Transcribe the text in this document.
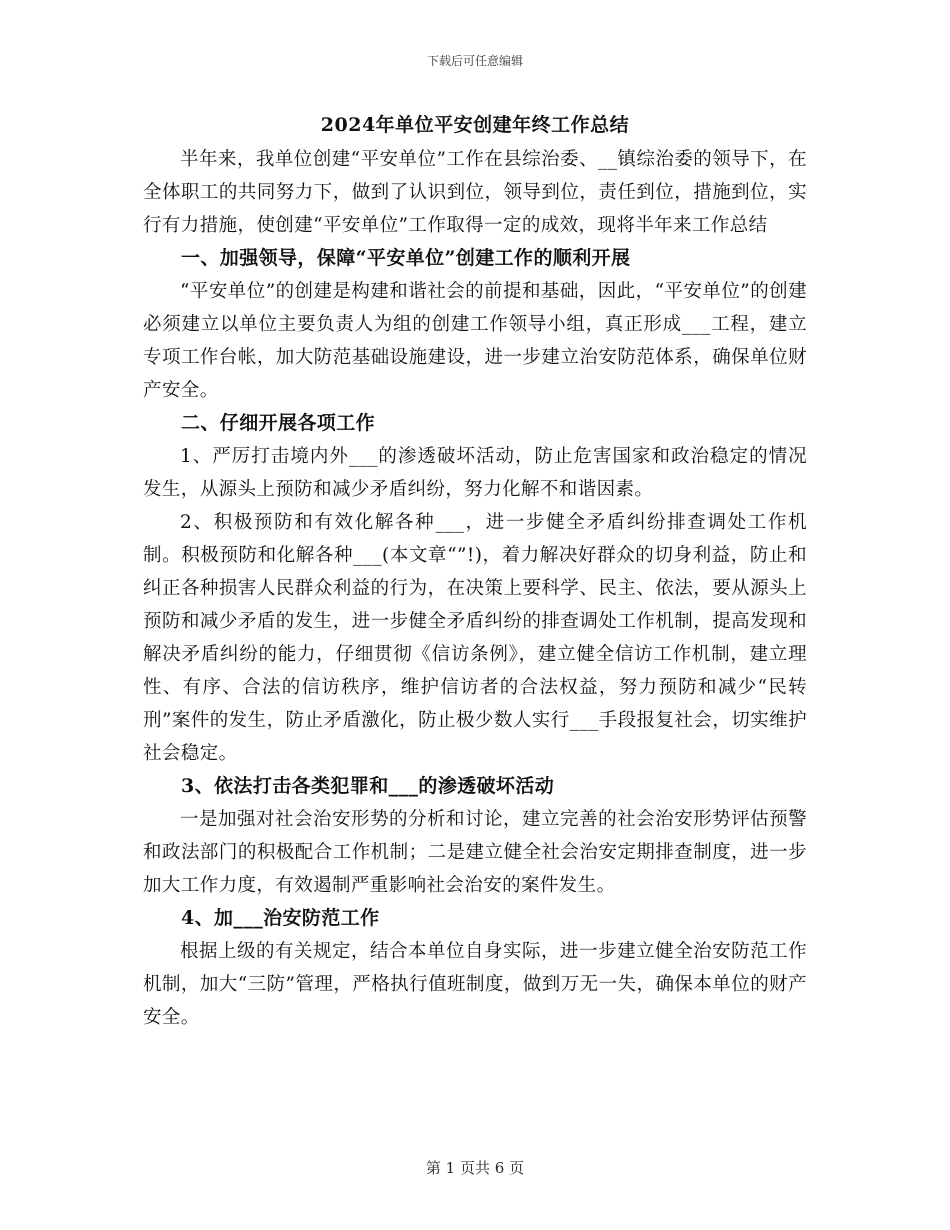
下载后可任意编辑
2024年单位平安创建年终工作总结

半年来，我单位创建“平安单位”工作在县综治委、__镇综治委的领导下，在全体职工的共同努力下，做到了认识到位，领导到位，责任到位，措施到位，实行有力措施，使创建“平安单位”工作取得一定的成效，现将半年来工作总结

一、加强领导，保障“平安单位”创建工作的顺利开展

“平安单位”的创建是构建和谐社会的前提和基础，因此，“平安单位”的创建必须建立以单位主要负责人为组的创建工作领导小组，真正形成___工程，建立专项工作台帐，加大防范基础设施建设，进一步建立治安防范体系，确保单位财产安全。

二、仔细开展各项工作

1、严厉打击境内外___的渗透破坏活动，防止危害国家和政治稳定的情况发生，从源头上预防和减少矛盾纠纷，努力化解不和谐因素。

2、积极预防和有效化解各种___，进一步健全矛盾纠纷排查调处工作机制。积极预防和化解各种___(本文章“”!)，着力解决好群众的切身利益，防止和纠正各种损害人民群众利益的行为，在决策上要科学、民主、依法，要从源头上预防和减少矛盾的发生，进一步健全矛盾纠纷的排查调处工作机制，提高发现和解决矛盾纠纷的能力，仔细贯彻《信访条例》，建立健全信访工作机制，建立理性、有序、合法的信访秩序，维护信访者的合法权益，努力预防和减少“民转刑”案件的发生，防止矛盾激化，防止极少数人实行___手段报复社会，切实维护社会稳定。

3、依法打击各类犯罪和___的渗透破坏活动

一是加强对社会治安形势的分析和讨论，建立完善的社会治安形势评估预警和政法部门的积极配合工作机制；二是建立健全社会治安定期排查制度，进一步加大工作力度，有效遏制严重影响社会治安的案件发生。

4、加___治安防范工作

根据上级的有关规定，结合本单位自身实际，进一步建立健全治安防范工作机制，加大“三防”管理，严格执行值班制度，做到万无一失，确保本单位的财产安全。

第 1 页共 6 页
